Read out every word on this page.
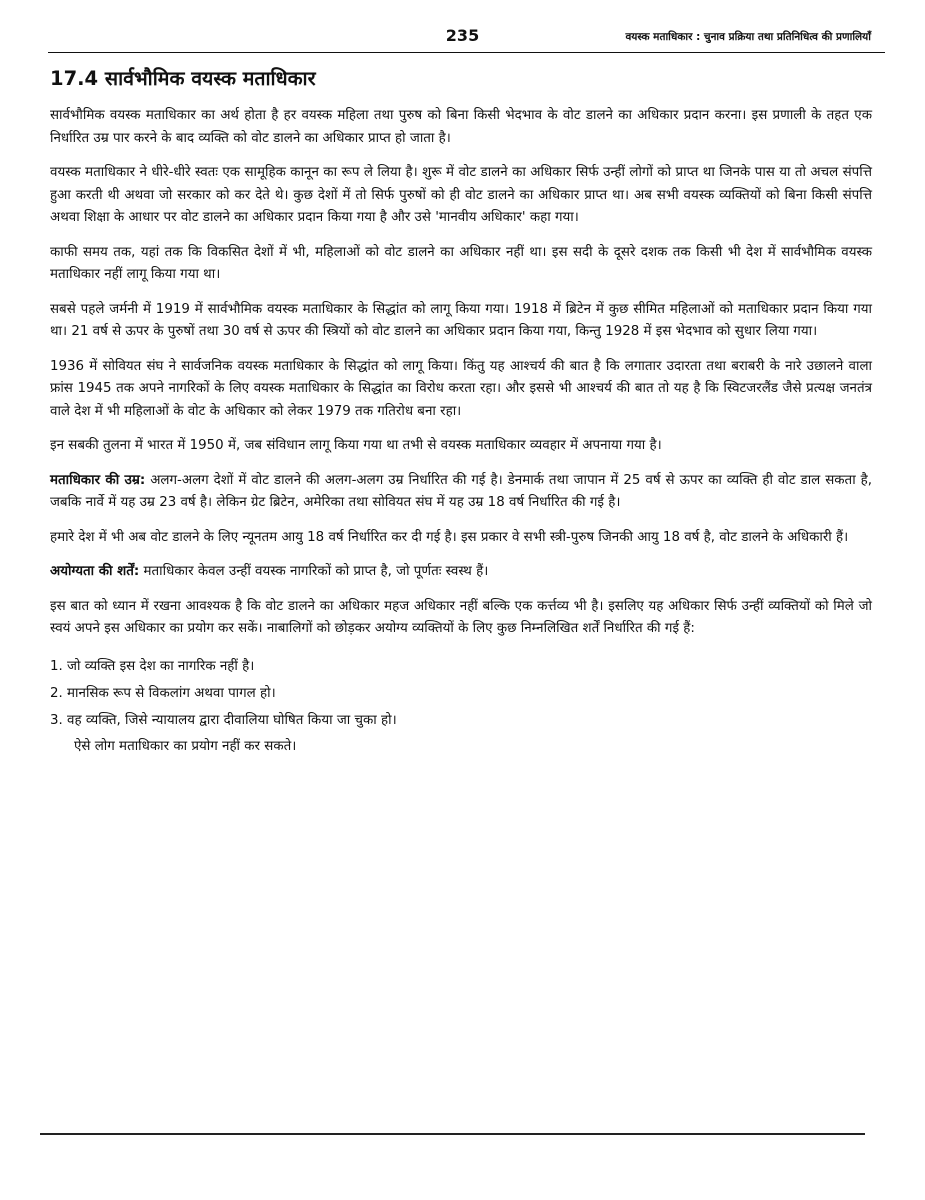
235	वयस्क मताधिकार : चुनाव प्रक्रिया तथा प्रतिनिधित्व की प्रणालियाँ
17.4 सार्वभौमिक वयस्क मताधिकार

सार्वभौमिक वयस्क मताधिकार का अर्थ होता है हर वयस्क महिला तथा पुरुष को बिना किसी भेदभाव के वोट डालने का अधिकार प्रदान करना। इस प्रणाली के तहत एक निर्धारित उम्र पार करने के बाद व्यक्ति को वोट डालने का अधिकार प्राप्त हो जाता है।

वयस्क मताधिकार ने धीरे-धीरे स्वतः एक सामूहिक कानून का रूप ले लिया है। शुरू में वोट डालने का अधिकार सिर्फ उन्हीं लोगों को प्राप्त था जिनके पास या तो अचल संपत्ति हुआ करती थी अथवा जो सरकार को कर देते थे। कुछ देशों में तो सिर्फ पुरुषों को ही वोट डालने का अधिकार प्राप्त था। अब सभी वयस्क व्यक्तियों को बिना किसी संपत्ति अथवा शिक्षा के आधार पर वोट डालने का अधिकार प्रदान किया गया है और उसे 'मानवीय अधिकार' कहा गया।

काफी समय तक, यहां तक कि विकसित देशों में भी, महिलाओं को वोट डालने का अधिकार नहीं था। इस सदी के दूसरे दशक तक किसी भी देश में सार्वभौमिक वयस्क मताधिकार नहीं लागू किया गया था।

सबसे पहले जर्मनी में 1919 में सार्वभौमिक वयस्क मताधिकार के सिद्धांत को लागू किया गया। 1918 में ब्रिटेन में कुछ सीमित महिलाओं को मताधिकार प्रदान किया गया था। 21 वर्ष से ऊपर के पुरुषों तथा 30 वर्ष से ऊपर की स्त्रियों को वोट डालने का अधिकार प्रदान किया गया, किन्तु 1928 में इस भेदभाव को सुधार लिया गया।

1936 में सोवियत संघ ने सार्वजनिक वयस्क मताधिकार के सिद्धांत को लागू किया। किंतु यह आश्चर्य की बात है कि लगातार उदारता तथा बराबरी के नारे उछालने वाला फ्रांस 1945 तक अपने नागरिकों के लिए वयस्क मताधिकार के सिद्धांत का विरोध करता रहा। और इससे भी आश्चर्य की बात तो यह है कि स्विटजरलैंड जैसे प्रत्यक्ष जनतंत्र वाले देश में भी महिलाओं के वोट के अधिकार को लेकर 1979 तक गतिरोध बना रहा।

इन सबकी तुलना में भारत में 1950 में, जब संविधान लागू किया गया था तभी से वयस्क मताधिकार व्यवहार में अपनाया गया है।

मताधिकार की उम्र: अलग-अलग देशों में वोट डालने की अलग-अलग उम्र निर्धारित की गई है। डेनमार्क तथा जापान में 25 वर्ष से ऊपर का व्यक्ति ही वोट डाल सकता है, जबकि नार्वे में यह उम्र 23 वर्ष है। लेकिन ग्रेट ब्रिटेन, अमेरिका तथा सोवियत संघ में यह उम्र 18 वर्ष निर्धारित की गई है।

हमारे देश में भी अब वोट डालने के लिए न्यूनतम आयु 18 वर्ष निर्धारित कर दी गई है। इस प्रकार वे सभी स्त्री-पुरुष जिनकी आयु 18 वर्ष है, वोट डालने के अधिकारी हैं।

अयोग्यता की शर्तें: मताधिकार केवल उन्हीं वयस्क नागरिकों को प्राप्त है, जो पूर्णतः स्वस्थ हैं।

इस बात को ध्यान में रखना आवश्यक है कि वोट डालने का अधिकार महज अधिकार नहीं बल्कि एक कर्त्तव्य भी है। इसलिए यह अधिकार सिर्फ उन्हीं व्यक्तियों को मिले जो स्वयं अपने इस अधिकार का प्रयोग कर सकें। नाबालिगों को छोड़कर अयोग्य व्यक्तियों के लिए कुछ निम्नलिखित शर्तें निर्धारित की गई हैं:

1. जो व्यक्ति इस देश का नागरिक नहीं है।
2. मानसिक रूप से विकलांग अथवा पागल हो।
3. वह व्यक्ति, जिसे न्यायालय द्वारा दीवालिया घोषित किया जा चुका हो।

ऐसे लोग मताधिकार का प्रयोग नहीं कर सकते।
